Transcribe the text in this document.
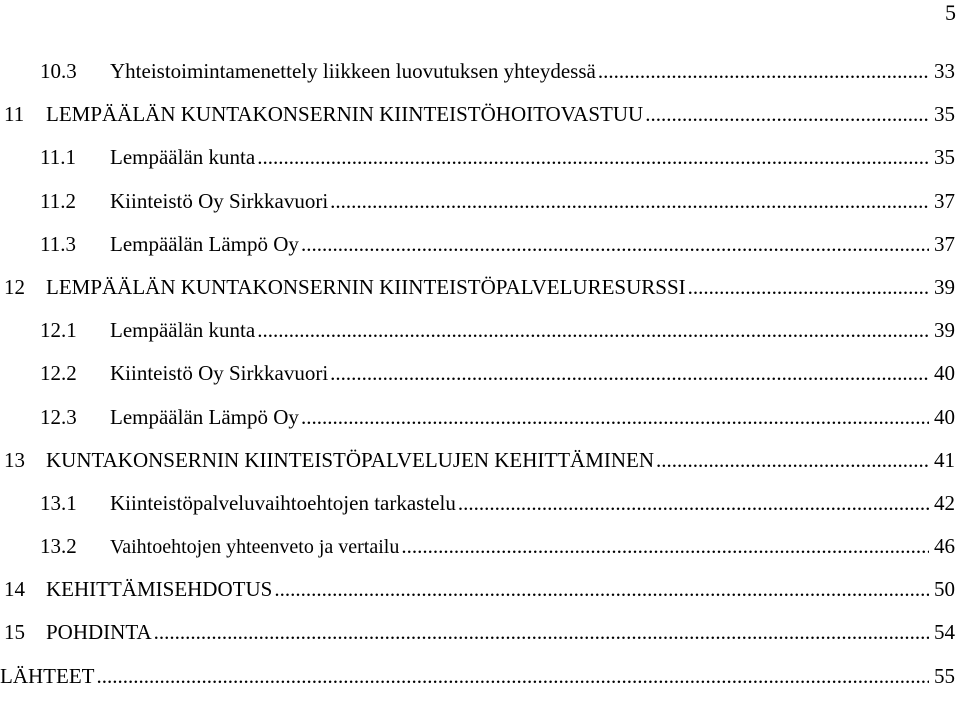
5
10.3	Yhteistoimintamenettely liikkeen luovutuksen yhteydessä .....	33
11	LEMPÄÄLÄN KUNTAKONSERNIN KIINTEISTÖHOITOVASTUU .....	35
11.1	Lempäälän kunta .....	35
11.2	Kiinteistö Oy Sirkkavuori .....	37
11.3	Lempäälän Lämpö Oy .....	37
12	LEMPÄÄLÄN KUNTAKONSERNIN KIINTEISTÖPALVELURESURSSI .....	39
12.1	Lempäälän kunta .....	39
12.2	Kiinteistö Oy Sirkkavuori .....	40
12.3	Lempäälän Lämpö Oy .....	40
13	KUNTAKONSERNIN KIINTEISTÖPALVELUJEN KEHITTÄMINEN .....	41
13.1	Kiinteistöpalveluvaihtoehtojen tarkastelu .....	42
13.2	Vaihtoehtojen yhteenveto ja vertailu .....	46
14	KEHITTÄMISEHDOTUS .....	50
15	POHDINTA .....	54
LÄHTEET .....	55
